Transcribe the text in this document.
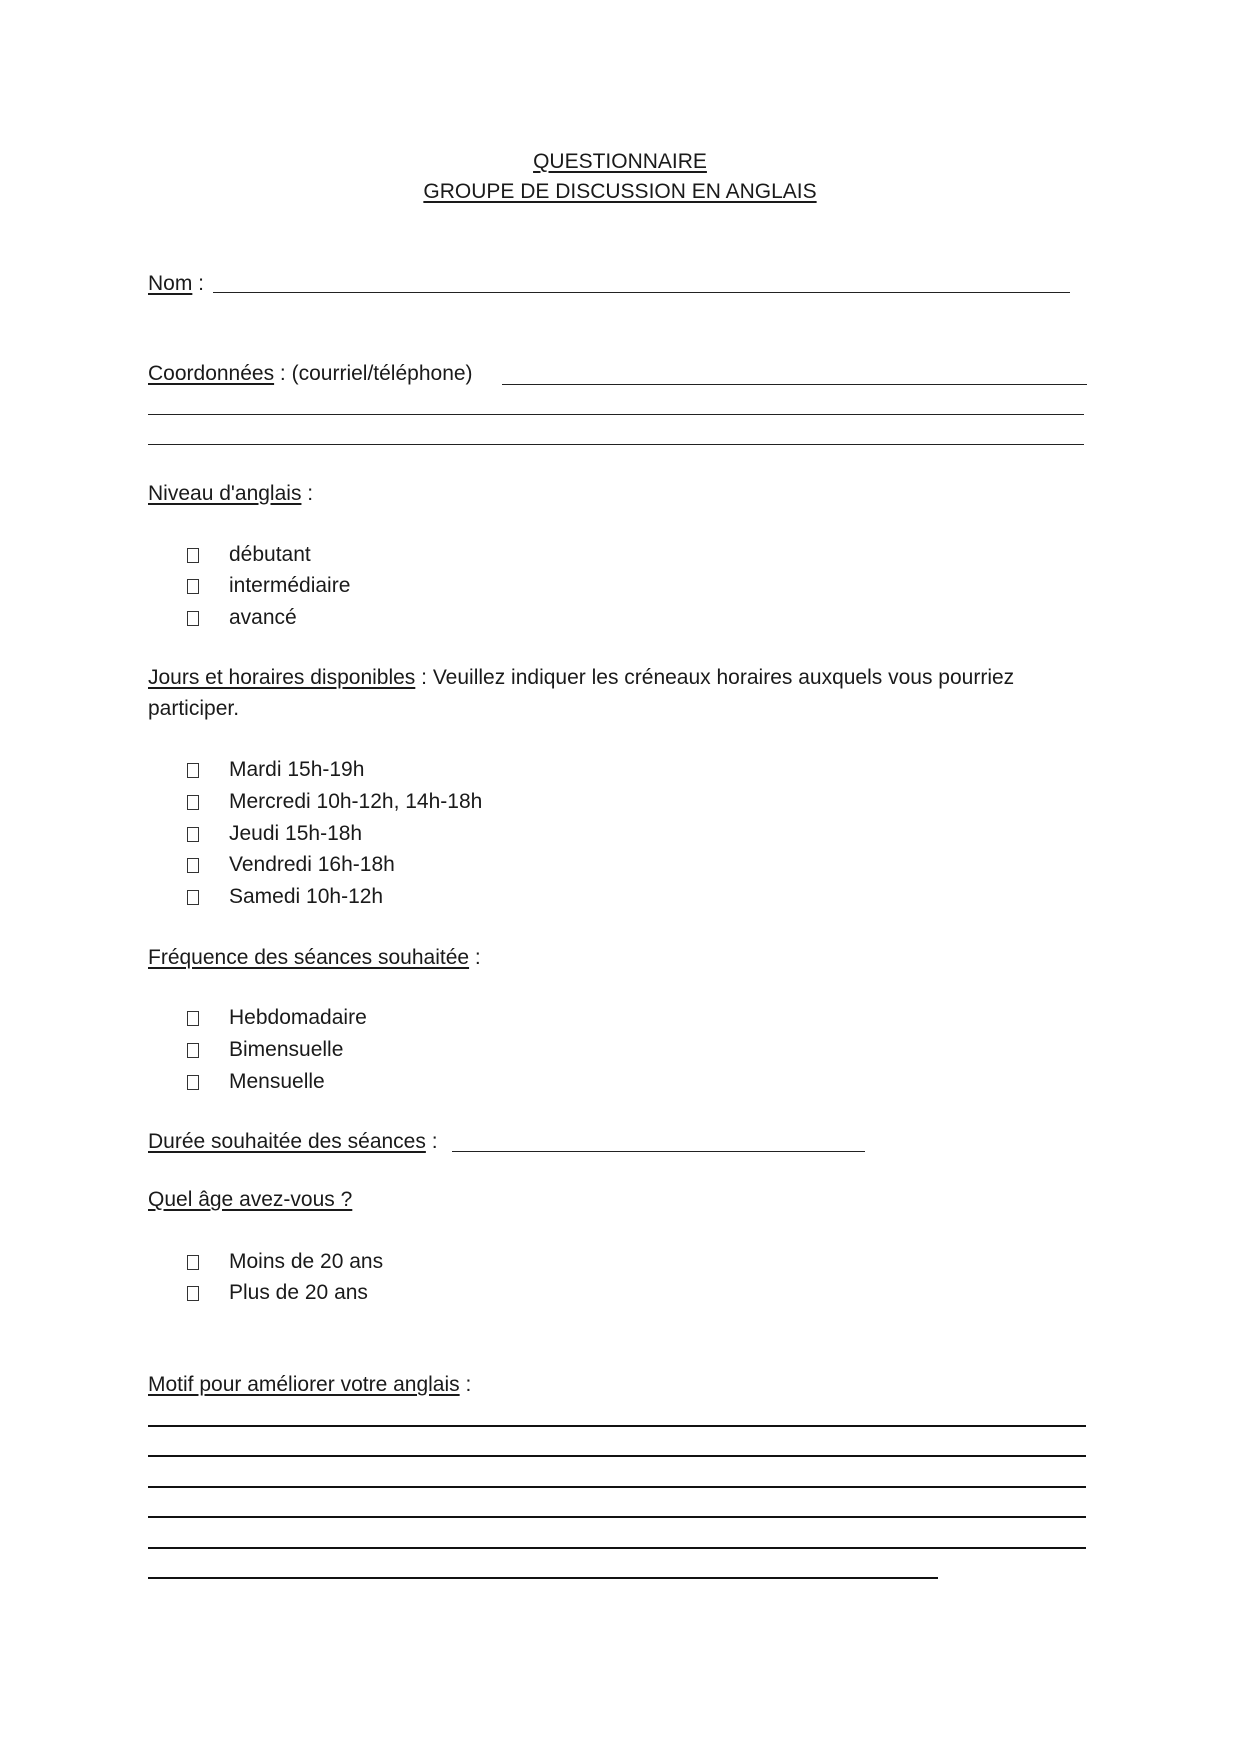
QUESTIONNAIRE
GROUPE DE DISCUSSION EN ANGLAIS
Nom :
Coordonnées : (courriel/téléphone)
Niveau d'anglais :
débutant
intermédiaire
avancé
Jours et horaires disponibles : Veuillez indiquer les créneaux horaires auxquels vous pourriez participer.
Mardi 15h-19h
Mercredi 10h-12h, 14h-18h
Jeudi 15h-18h
Vendredi 16h-18h
Samedi 10h-12h
Fréquence des séances souhaitée :
Hebdomadaire
Bimensuelle
Mensuelle
Durée souhaitée des séances :
Quel âge avez-vous ?
Moins de 20 ans
Plus de 20 ans
Motif pour améliorer votre anglais :
